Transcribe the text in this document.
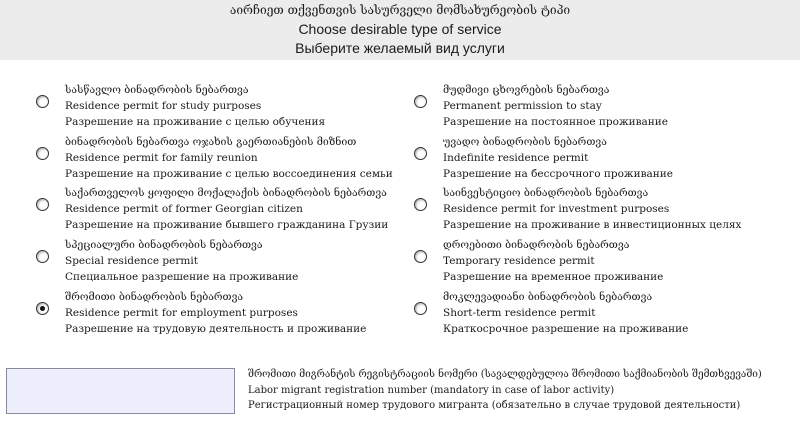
აირჩიეთ თქვენთვის სასურველი მომსახურეობის ტიპი
Choose desirable type of service
Выберите желаемый вид услуги
სასწავლო ბინადრობის ნებართვა
Residence permit for study purposes
Разрешение на проживание с целью обучения
ბინადრობის ნებართვა ოჯახის გაერთიანების მიზნით
Residence permit for family reunion
Разрешение на проживание с целью воссоединения семьи
საქართველოს ყოფილი მოქალაქის ბინადრობის ნებართვა
Residence permit of former Georgian citizen
Разрешение на проживание бывшего гражданина Грузии
სპეციალური ბინადრობის ნებართვა
Special residence permit
Специальное разрешение на проживание
შრომითი ბინადრობის ნებართვა
Residence permit for employment purposes
Разрешение на трудовую деятельность и проживание
მუდმივი ცხოვრების ნებართვა
Permanent permission to stay
Разрешение на постоянное проживание
უვადო ბინადრობის ნებართვა
Indefinite residence permit
Разрешение на бессрочного проживание
საინვესტიციო ბინადრობის ნებართვა
Residence permit for investment purposes
Разрешение на проживание в инвестиционных целях
დროებითი ბინადრობის ნებართვა
Temporary residence permit
Разрешение на временное проживание
მოკლევადიანი ბინადრობის ნებართვა
Short-term residence permit
Краткосрочное разрешение на проживание
შრომითი მიგრანტის რეგისტრაციის ნომერი (სავალდებულოა შრომითი საქმიანობის შემთხვევაში)
Labor migrant registration number (mandatory in case of labor activity)
Регистрационный номер трудового мигранта (обязательно в случае трудовой деятельности)
